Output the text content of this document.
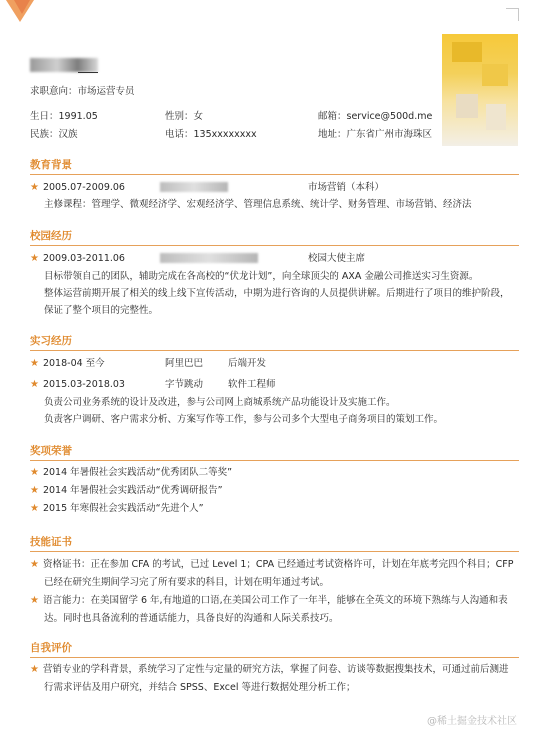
求职意向：市场运营专员
生日：1991.05	性别：女	邮箱：service@500d.me
民族：汉族	电话：135xxxxxxxx	地址：广东省广州市海珠区
教育背景
★ 2005.07-2009.06	市场营销（本科）
主修课程：管理学、微观经济学、宏观经济学、管理信息系统、统计学、财务管理、市场营销、经济法
校园经历
★ 2009.03-2011.06	校园大使主席
目标带领自己的团队，辅助完成在各高校的“伏龙计划”，向全球顶尖的 AXA 金融公司推送实习生资源。
整体运营前期开展了相关的线上线下宣传活动，中期为进行咨询的人员提供讲解。后期进行了项目的维护阶段，
保证了整个项目的完整性。
实习经历
★ 2018-04 至今	阿里巴巴	后端开发
★ 2015.03-2018.03	字节跳动	软件工程师
负责公司业务系统的设计及改进，参与公司网上商城系统产品功能设计及实施工作。
负责客户调研、客户需求分析、方案写作等工作，参与公司多个大型电子商务项目的策划工作。
奖项荣誉
★ 2014 年暑假社会实践活动“优秀团队二等奖”
★ 2014 年暑假社会实践活动“优秀调研报告”
★ 2015 年寒假社会实践活动“先进个人”
技能证书
★ 资格证书：正在参加 CFA 的考试，已过 Level 1；CPA 已经通过考试资格许可，计划在年底考完四个科目；CFP
已经在研究生期间学习完了所有要求的科目，计划在明年通过考试。
★ 语言能力：在美国留学 6 年,有地道的口语,在美国公司工作了一年半，能够在全英文的环境下熟练与人沟通和表
达。同时也具备流利的普通话能力，具备良好的沟通和人际关系技巧。
自我评价
★ 营销专业的学科背景，系统学习了定性与定量的研究方法，掌握了问卷、访谈等数据搜集技术，可通过前后测进
行需求评估及用户研究，并结合 SPSS、Excel 等进行数据处理分析工作；
@稀土掘金技术社区
